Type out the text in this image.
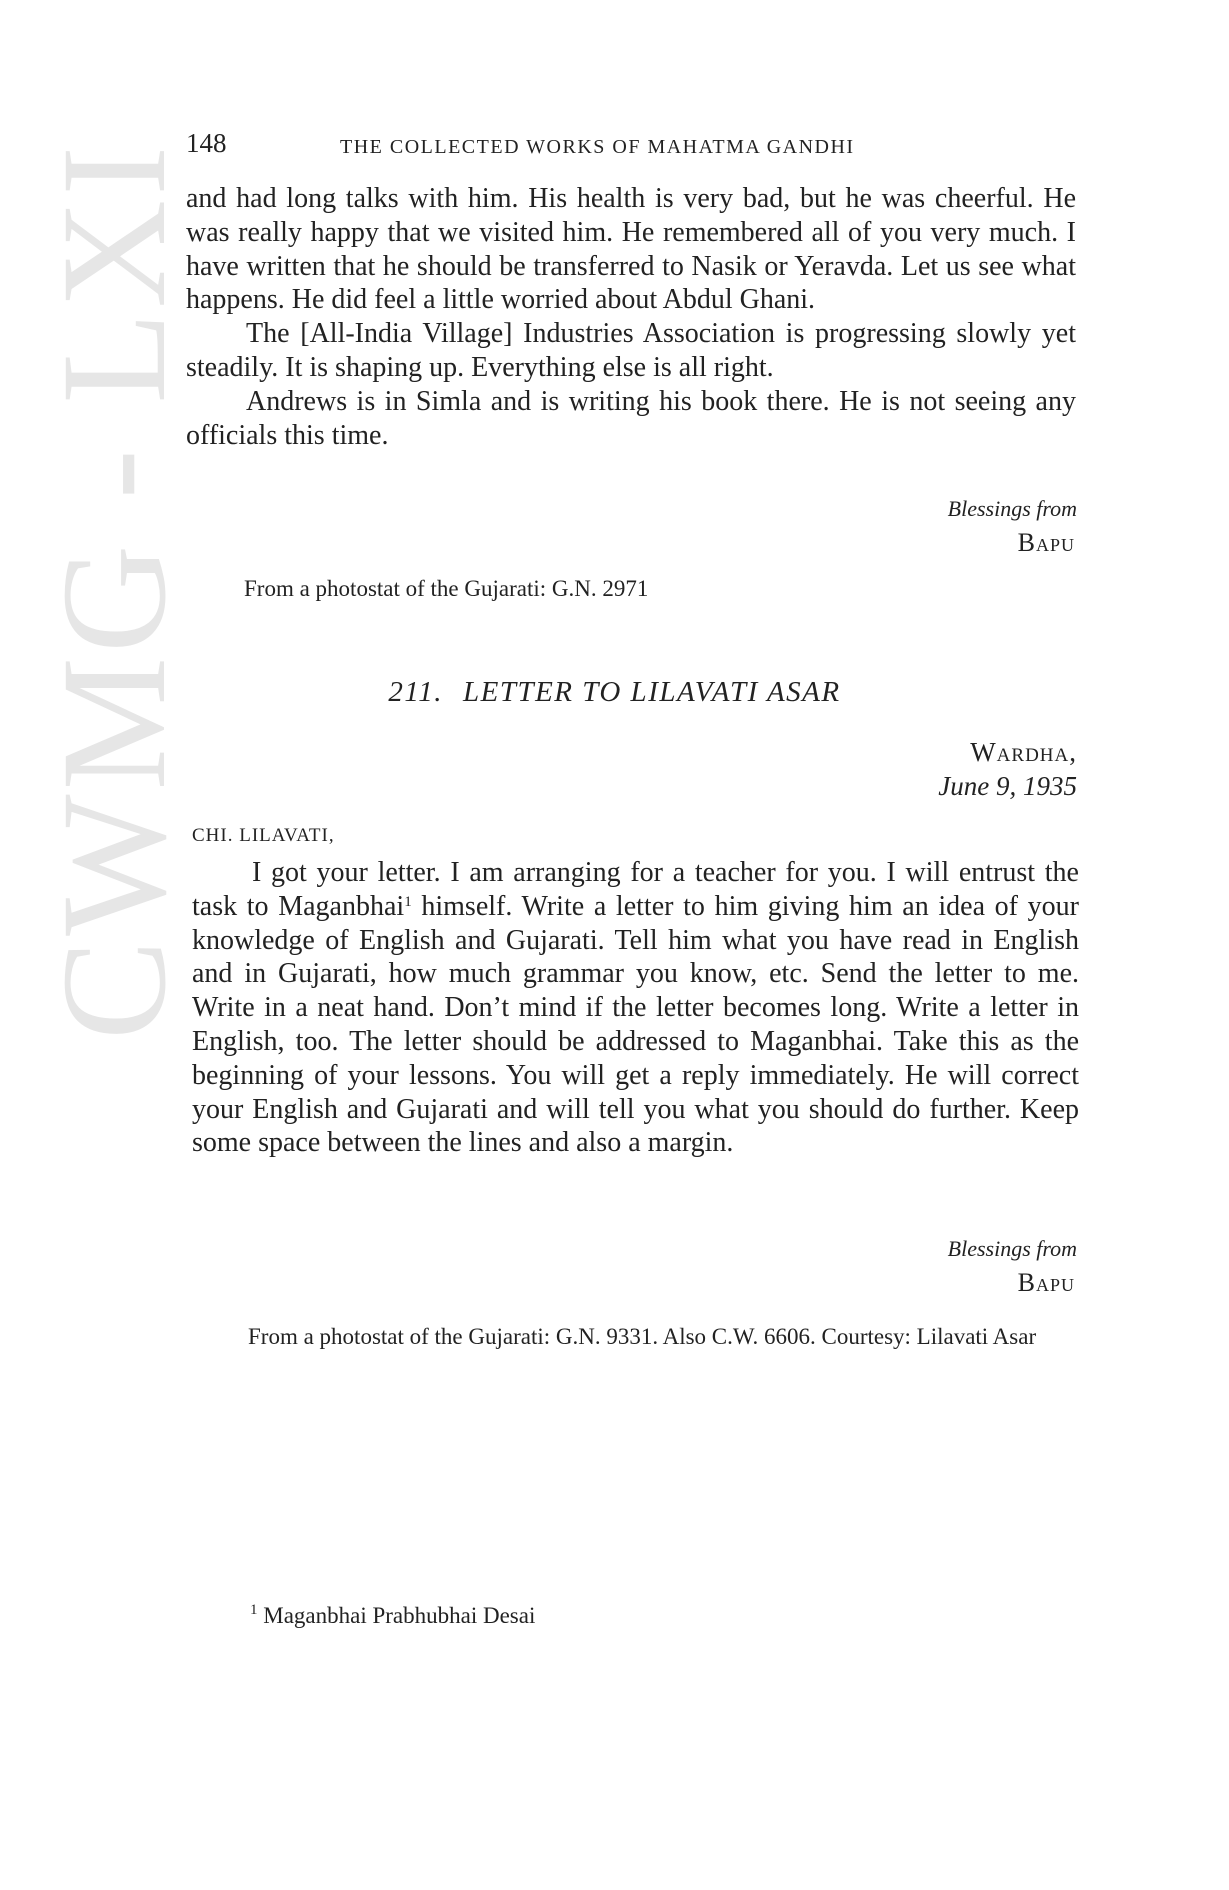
CWMG - LXI
148	THE COLLECTED WORKS OF MAHATMA GANDHI

and had long talks with him. His health is very bad, but he was cheerful. He was really happy that we visited him. He remembered all of you very much. I have written that he should be transferred to Nasik or Yeravda. Let us see what happens. He did feel a little worried about Abdul Ghani.

The [All-India Village] Industries Association is progressing slowly yet steadily. It is shaping up. Everything else is all right.

Andrews is in Simla and is writing his book there. He is not seeing any officials this time.

Blessings from
Bapu
From a photostat of the Gujarati: G.N. 2971
211. LETTER TO LILAVATI ASAR
Wardha,
June 9, 1935
CHI. LILAVATI,
I got your letter. I am arranging for a teacher for you. I will entrust the task to Maganbhai$^1$ himself. Write a letter to him giving him an idea of your knowledge of English and Gujarati. Tell him what you have read in English and in Gujarati, how much grammar you know, etc. Send the letter to me. Write in a neat hand. Don’t mind if the letter becomes long. Write a letter in English, too. The letter should be addressed to Maganbhai. Take this as the beginning of your lessons. You will get a reply immediately. He will correct your English and Gujarati and will tell you what you should do further. Keep some space between the lines and also a margin.
Blessings from
Bapu
From a photostat of the Gujarati: G.N. 9331. Also C.W. 6606. Courtesy: Lilavati Asar
$^1$ Maganbhai Prabhubhai Desai
